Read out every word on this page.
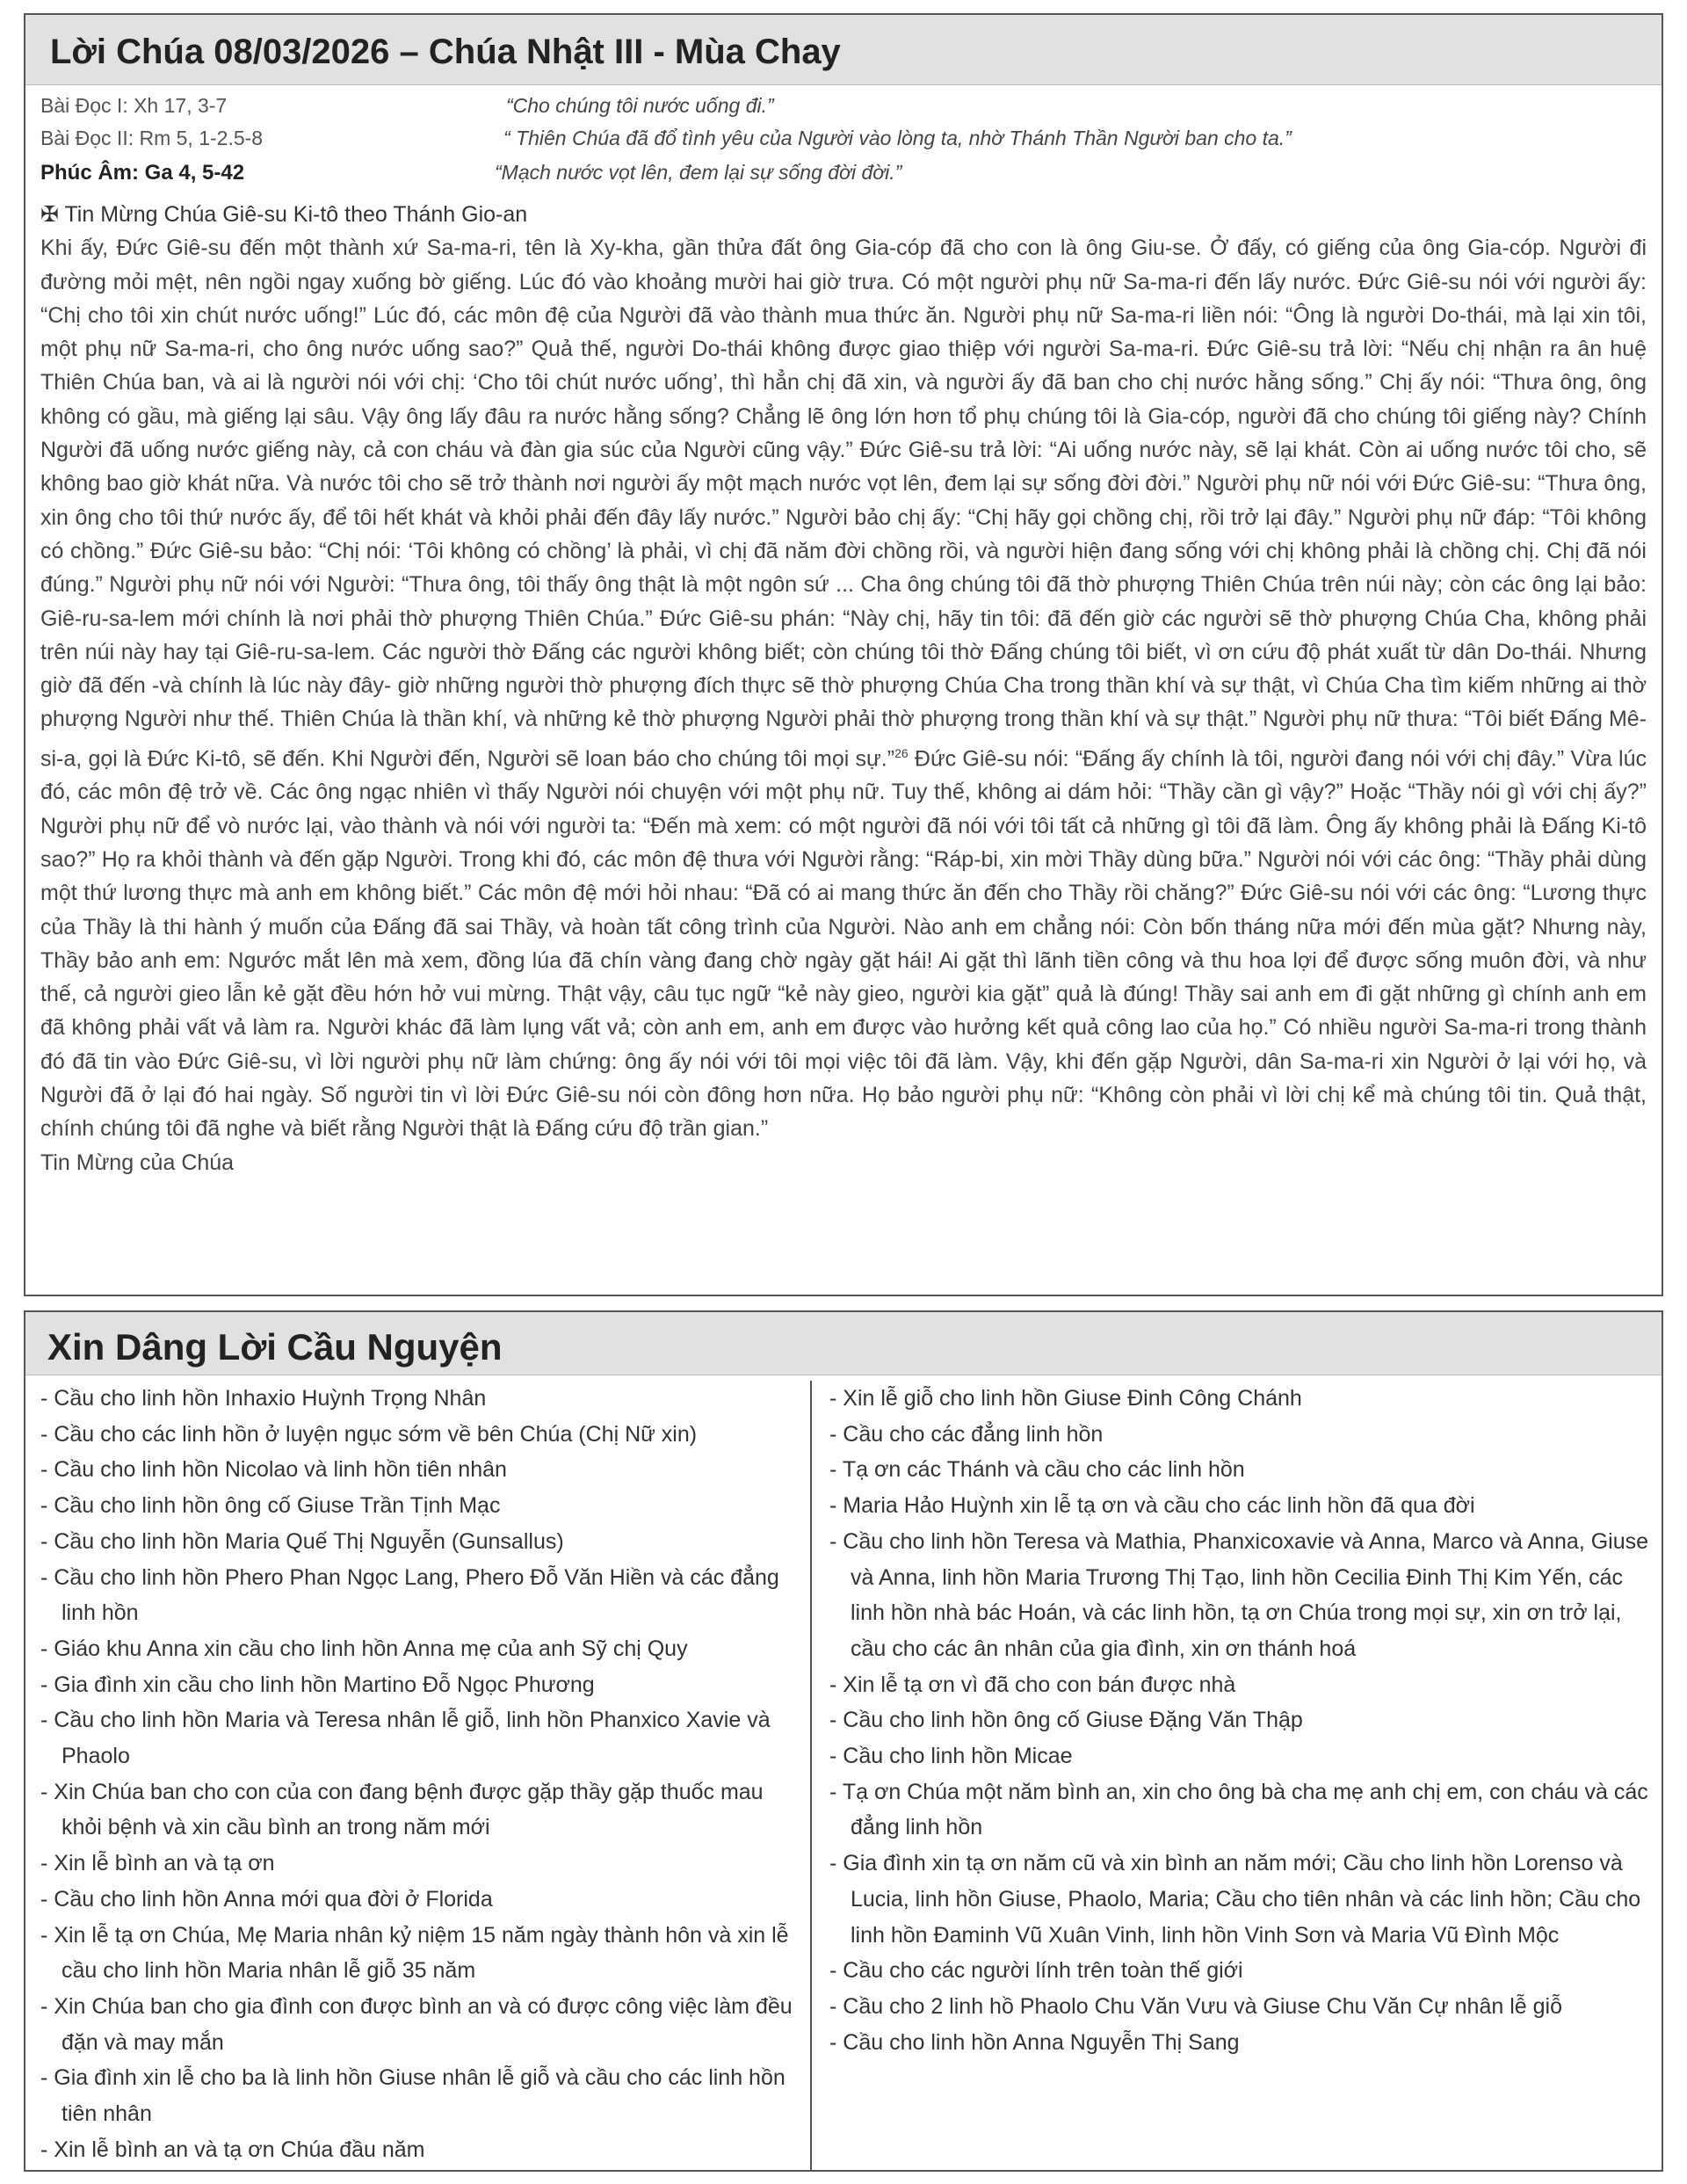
Lời Chúa 08/03/2026 – Chúa Nhật III - Mùa Chay
Bài Đọc I: Xh 17, 3-7	“Cho chúng tôi nước uống đi.”
Bài Đọc II: Rm 5, 1-2.5-8	“ Thiên Chúa đã đổ tình yêu của Người vào lòng ta, nhờ Thánh Thần Người ban cho ta.”
Phúc Âm: Ga 4, 5-42	“Mạch nước vọt lên, đem lại sự sống đời đời.”
✠ Tin Mừng Chúa Giê-su Ki-tô theo Thánh Gio-an
Khi ấy, Đức Giê-su đến một thành xứ Sa-ma-ri, tên là Xy-kha, gần thửa đất ông Gia-cóp đã cho con là ông Giu-se. Ở đấy, có giếng của ông Gia-cóp. Người đi đường mỏi mệt, nên ngồi ngay xuống bờ giếng. Lúc đó vào khoảng mười hai giờ trưa. Có một người phụ nữ Sa-ma-ri đến lấy nước. Đức Giê-su nói với người ấy: “Chị cho tôi xin chút nước uống!” Lúc đó, các môn đệ của Người đã vào thành mua thức ăn. Người phụ nữ Sa-ma-ri liền nói: “Ông là người Do-thái, mà lại xin tôi, một phụ nữ Sa-ma-ri, cho ông nước uống sao?” Quả thế, người Do-thái không được giao thiệp với người Sa-ma-ri. Đức Giê-su trả lời: “Nếu chị nhận ra ân huệ Thiên Chúa ban, và ai là người nói với chị: ‘Cho tôi chút nước uống’, thì hẳn chị đã xin, và người ấy đã ban cho chị nước hằng sống.” Chị ấy nói: “Thưa ông, ông không có gầu, mà giếng lại sâu. Vậy ông lấy đâu ra nước hằng sống? Chẳng lẽ ông lớn hơn tổ phụ chúng tôi là Gia-cóp, người đã cho chúng tôi giếng này? Chính Người đã uống nước giếng này, cả con cháu và đàn gia súc của Người cũng vậy.” Đức Giê-su trả lời: “Ai uống nước này, sẽ lại khát. Còn ai uống nước tôi cho, sẽ không bao giờ khát nữa. Và nước tôi cho sẽ trở thành nơi người ấy một mạch nước vọt lên, đem lại sự sống đời đời.” Người phụ nữ nói với Đức Giê-su: “Thưa ông, xin ông cho tôi thứ nước ấy, để tôi hết khát và khỏi phải đến đây lấy nước.” Người bảo chị ấy: “Chị hãy gọi chồng chị, rồi trở lại đây.” Người phụ nữ đáp: “Tôi không có chồng.” Đức Giê-su bảo: “Chị nói: ‘Tôi không có chồng’ là phải, vì chị đã năm đời chồng rồi, và người hiện đang sống với chị không phải là chồng chị. Chị đã nói đúng.” Người phụ nữ nói với Người: “Thưa ông, tôi thấy ông thật là một ngôn sứ ... Cha ông chúng tôi đã thờ phượng Thiên Chúa trên núi này; còn các ông lại bảo: Giê-ru-sa-lem mới chính là nơi phải thờ phượng Thiên Chúa.” Đức Giê-su phán: “Này chị, hãy tin tôi: đã đến giờ các người sẽ thờ phượng Chúa Cha, không phải trên núi này hay tại Giê-ru-sa-lem. Các người thờ Đấng các người không biết; còn chúng tôi thờ Đấng chúng tôi biết, vì ơn cứu độ phát xuất từ dân Do-thái. Nhưng giờ đã đến -và chính là lúc này đây- giờ những người thờ phượng đích thực sẽ thờ phượng Chúa Cha trong thần khí và sự thật, vì Chúa Cha tìm kiếm những ai thờ phượng Người như thế. Thiên Chúa là thần khí, và những kẻ thờ phượng Người phải thờ phượng trong thần khí và sự thật.” Người phụ nữ thưa: “Tôi biết Đấng Mê-si-a, gọi là Đức Ki-tô, sẽ đến. Khi Người đến, Người sẽ loan báo cho chúng tôi mọi sự.”$^{26}$ Đức Giê-su nói: “Đấng ấy chính là tôi, người đang nói với chị đây.” Vừa lúc đó, các môn đệ trở về. Các ông ngạc nhiên vì thấy Người nói chuyện với một phụ nữ. Tuy thế, không ai dám hỏi: “Thầy cần gì vậy?” Hoặc “Thầy nói gì với chị ấy?” Người phụ nữ để vò nước lại, vào thành và nói với người ta: “Đến mà xem: có một người đã nói với tôi tất cả những gì tôi đã làm. Ông ấy không phải là Đấng Ki-tô sao?” Họ ra khỏi thành và đến gặp Người. Trong khi đó, các môn đệ thưa với Người rằng: “Ráp-bi, xin mời Thầy dùng bữa.” Người nói với các ông: “Thầy phải dùng một thứ lương thực mà anh em không biết.” Các môn đệ mới hỏi nhau: “Đã có ai mang thức ăn đến cho Thầy rồi chăng?” Đức Giê-su nói với các ông: “Lương thực của Thầy là thi hành ý muốn của Đấng đã sai Thầy, và hoàn tất công trình của Người. Nào anh em chẳng nói: Còn bốn tháng nữa mới đến mùa gặt? Nhưng này, Thầy bảo anh em: Ngước mắt lên mà xem, đồng lúa đã chín vàng đang chờ ngày gặt hái! Ai gặt thì lãnh tiền công và thu hoa lợi để được sống muôn đời, và như thế, cả người gieo lẫn kẻ gặt đều hớn hở vui mừng. Thật vậy, câu tục ngữ “kẻ này gieo, người kia gặt” quả là đúng! Thầy sai anh em đi gặt những gì chính anh em đã không phải vất vả làm ra. Người khác đã làm lụng vất vả; còn anh em, anh em được vào hưởng kết quả công lao của họ.” Có nhiều người Sa-ma-ri trong thành đó đã tin vào Đức Giê-su, vì lời người phụ nữ làm chứng: ông ấy nói với tôi mọi việc tôi đã làm. Vậy, khi đến gặp Người, dân Sa-ma-ri xin Người ở lại với họ, và Người đã ở lại đó hai ngày. Số người tin vì lời Đức Giê-su nói còn đông hơn nữa. Họ bảo người phụ nữ: “Không còn phải vì lời chị kể mà chúng tôi tin. Quả thật, chính chúng tôi đã nghe và biết rằng Người thật là Đấng cứu độ trần gian.”
Tin Mừng của Chúa
Xin Dâng Lời Cầu Nguyện
- Cầu cho linh hồn Inhaxio Huỳnh Trọng Nhân
- Cầu cho các linh hồn ở luyện ngục sớm về bên Chúa (Chị Nữ xin)
- Cầu cho linh hồn Nicolao và linh hồn tiên nhân
- Cầu cho linh hồn ông cố Giuse Trần Tịnh Mạc
- Cầu cho linh hồn Maria Quế Thị Nguyễn (Gunsallus)
- Cầu cho linh hồn Phero Phan Ngọc Lang, Phero Đỗ Văn Hiền và các đẳng linh hồn
- Giáo khu Anna xin cầu cho linh hồn Anna mẹ của anh Sỹ chị Quy
- Gia đình xin cầu cho linh hồn Martino Đỗ Ngọc Phương
- Cầu cho linh hồn Maria và Teresa nhân lễ giỗ, linh hồn Phanxico Xavie và Phaolo
- Xin Chúa ban cho con của con đang bệnh được gặp thầy gặp thuốc mau khỏi bệnh và xin cầu bình an trong năm mới
- Xin lễ bình an và tạ ơn
- Cầu cho linh hồn Anna mới qua đời ở Florida
- Xin lễ tạ ơn Chúa, Mẹ Maria nhân kỷ niệm 15 năm ngày thành hôn và xin lễ cầu cho linh hồn Maria nhân lễ giỗ 35 năm
- Xin Chúa ban cho gia đình con được bình an và có được công việc làm đều đặn và may mắn
- Gia đình xin lễ cho ba là linh hồn Giuse nhân lễ giỗ và cầu cho các linh hồn tiên nhân
- Xin lễ bình an và tạ ơn Chúa đầu năm
- Xin lễ giỗ cho linh hồn Giuse Đinh Công Chánh
- Cầu cho các đẳng linh hồn
- Tạ ơn các Thánh và cầu cho các linh hồn
- Maria Hảo Huỳnh xin lễ tạ ơn và cầu cho các linh hồn đã qua đời
- Cầu cho linh hồn Teresa và Mathia, Phanxicoxavie và Anna, Marco và Anna, Giuse và Anna, linh hồn Maria Trương Thị Tạo, linh hồn Cecilia Đinh Thị Kim Yến, các linh hồn nhà bác Hoán, và các linh hồn, tạ ơn Chúa trong mọi sự, xin ơn trở lại, cầu cho các ân nhân của gia đình, xin ơn thánh hoá
- Xin lễ tạ ơn vì đã cho con bán được nhà
- Cầu cho linh hồn ông cố Giuse Đặng Văn Thập
- Cầu cho linh hồn Micae
- Tạ ơn Chúa một năm bình an, xin cho ông bà cha mẹ anh chị em, con cháu và các đẳng linh hồn
- Gia đình xin tạ ơn năm cũ và xin bình an năm mới; Cầu cho linh hồn Lorenso và Lucia, linh hồn Giuse, Phaolo, Maria; Cầu cho tiên nhân và các linh hồn; Cầu cho linh hồn Đaminh Vũ Xuân Vinh, linh hồn Vinh Sơn và Maria Vũ Đình Mộc
- Cầu cho các người lính trên toàn thế giới
- Cầu cho 2 linh hồ Phaolo Chu Văn Vưu và Giuse Chu Văn Cự nhân lễ giỗ
- Cầu cho linh hồn Anna Nguyễn Thị Sang
